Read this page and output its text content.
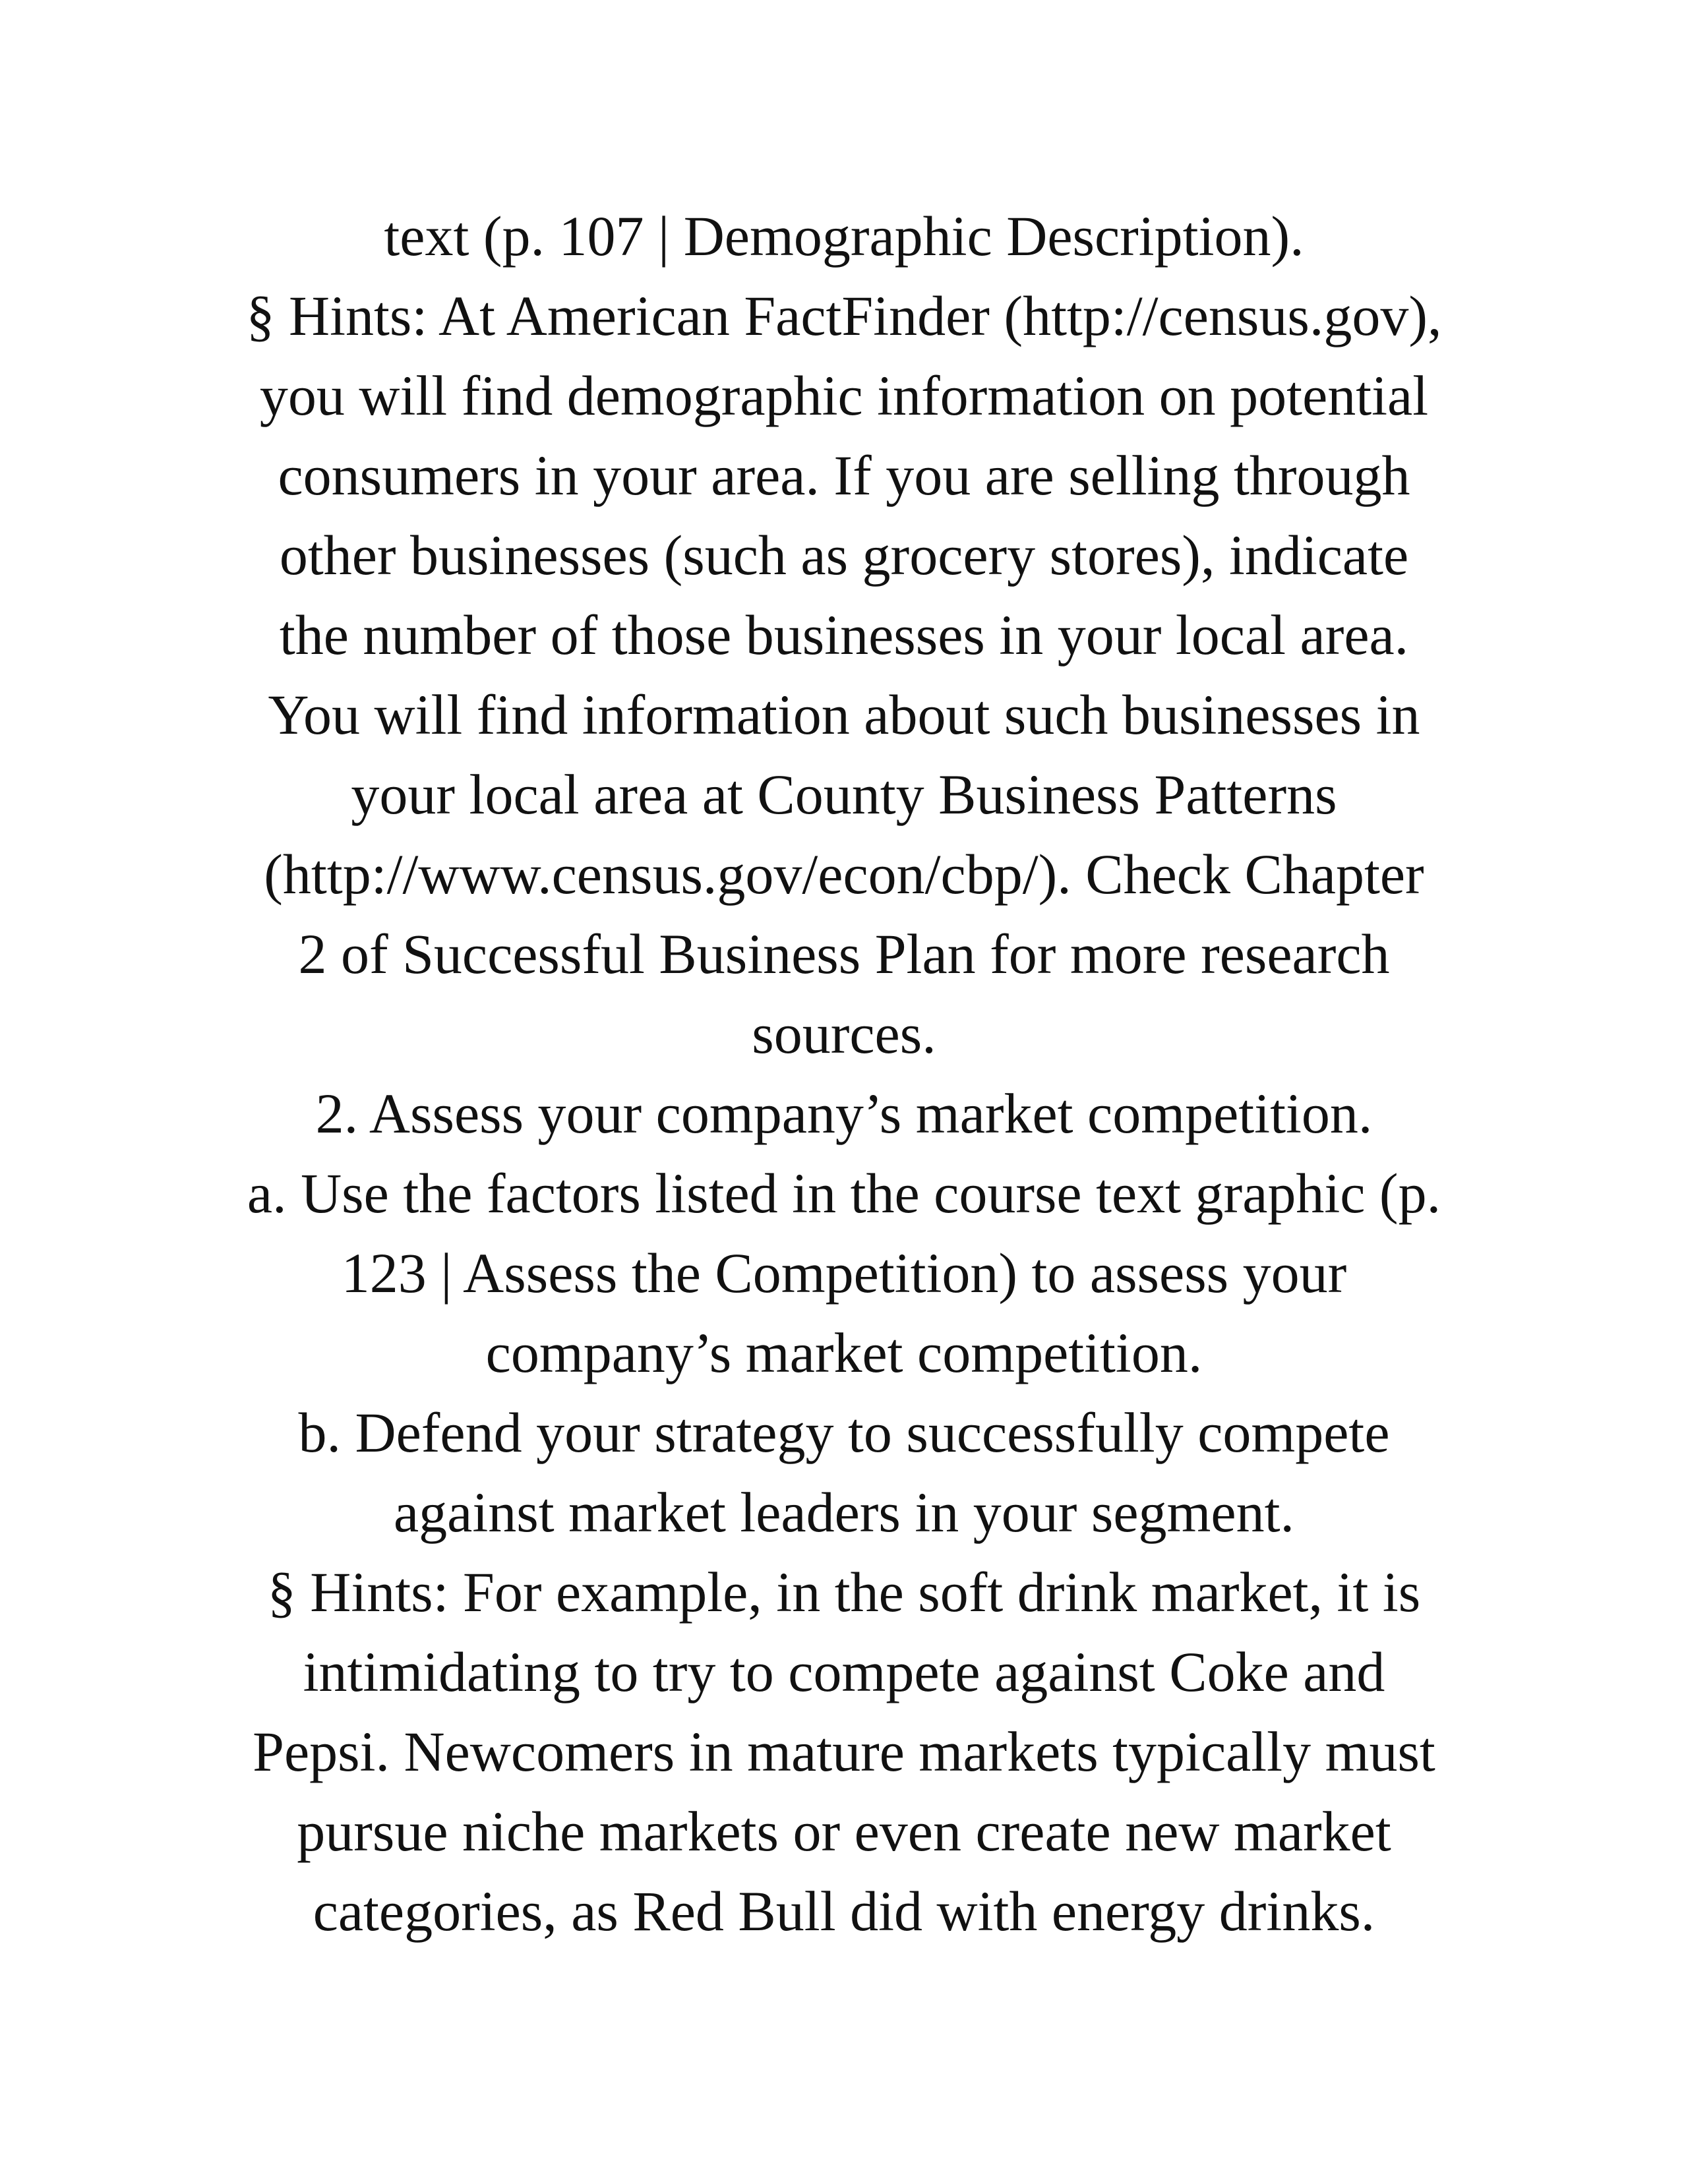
text (p. 107 | Demographic Description).
§ Hints: At American FactFinder (http://census.gov),
you will find demographic information on potential
consumers in your area. If you are selling through
other businesses (such as grocery stores), indicate
the number of those businesses in your local area.
You will find information about such businesses in
your local area at County Business Patterns
(http://www.census.gov/econ/cbp/). Check Chapter
2 of Successful Business Plan for more research
sources.
2. Assess your company’s market competition.
a. Use the factors listed in the course text graphic (p.
123 | Assess the Competition) to assess your
company’s market competition.
b. Defend your strategy to successfully compete
against market leaders in your segment.
§ Hints: For example, in the soft drink market, it is
intimidating to try to compete against Coke and
Pepsi. Newcomers in mature markets typically must
pursue niche markets or even create new market
categories, as Red Bull did with energy drinks.
